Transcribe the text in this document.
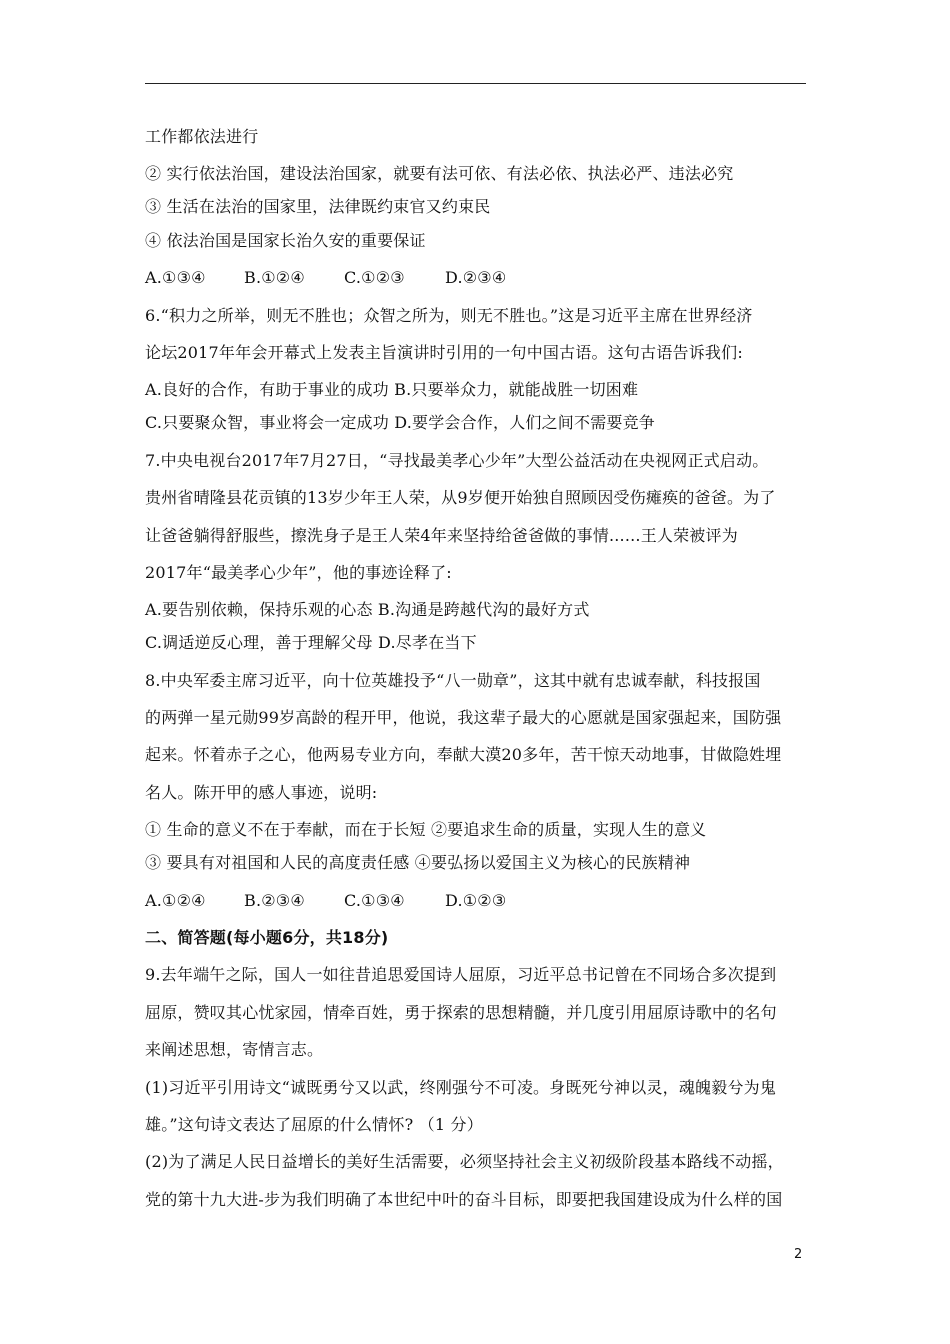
工作都依法进行
② 实行依法治国，建设法治国家，就要有法可依、有法必依、执法必严、违法必究
③ 生活在法治的国家里，法律既约束官又约束民
④ 依法治国是国家长治久安的重要保证
A.①③④ B.①②④ C.①②③	D.②③④
6.“积力之所举，则无不胜也；众智之所为，则无不胜也。”这是习近平主席在世界经济
论坛2017年年会开幕式上发表主旨演讲时引用的一句中国古语。这句古语告诉我们:
A.良好的合作，有助于事业的成功 B.只要举众力，就能战胜一切困难
C.只要聚众智，事业将会一定成功 D.要学会合作，人们之间不需要竞争
7.中央电视台2017年7月27日，“寻找最美孝心少年”大型公益活动在央视网正式启动。
贵州省晴隆县花贡镇的13岁少年王人荣，从9岁便开始独自照顾因受伤瘫痪的爸爸。为了
让爸爸躺得舒服些，擦洗身子是王人荣4年来坚持给爸爸做的事情......王人荣被评为
2017年“最美孝心少年”，他的事迹诠释了:
A.要告别依赖，保持乐观的心态 B.沟通是跨越代沟的最好方式
C.调适逆反心理，善于理解父母 D.尽孝在当下
8.中央军委主席习近平，向十位英雄投予“八一勋章”，这其中就有忠诚奉献，科技报国
的两弹一星元勋99岁高龄的程开甲，他说，我这辈子最大的心愿就是国家强起来，国防强
起来。怀着赤子之心，他两易专业方向，奉献大漠20多年，苦干惊天动地事，甘做隐姓埋
名人。陈开甲的感人事迹，说明:
① 生命的意义不在于奉献，而在于长短 ②要追求生命的质量，实现人生的意义
③ 要具有对祖国和人民的高度责任感 ④要弘扬以爱国主义为核心的民族精神
A.①②④ B.②③④ C.①③④	D.①②③
二、简答题(每小题6分，共18分)
9.去年端午之际，国人一如往昔追思爱国诗人屈原，习近平总书记曾在不同场合多次提到
屈原，赞叹其心忧家园，情牵百姓，勇于探索的思想精髓，并几度引用屈原诗歌中的名句
来阐述思想，寄情言志。
(1)习近平引用诗文“诚既勇兮又以武，终刚强兮不可凌。身既死兮神以灵，魂魄毅兮为鬼
雄。”这句诗文表达了屈原的什么情怀? （1 分）
(2)为了满足人民日益增长的美好生活需要，必须坚持社会主义初级阶段基本路线不动摇，
党的第十九大进-步为我们明确了本世纪中叶的奋斗目标，即要把我国建设成为什么样的国
2
